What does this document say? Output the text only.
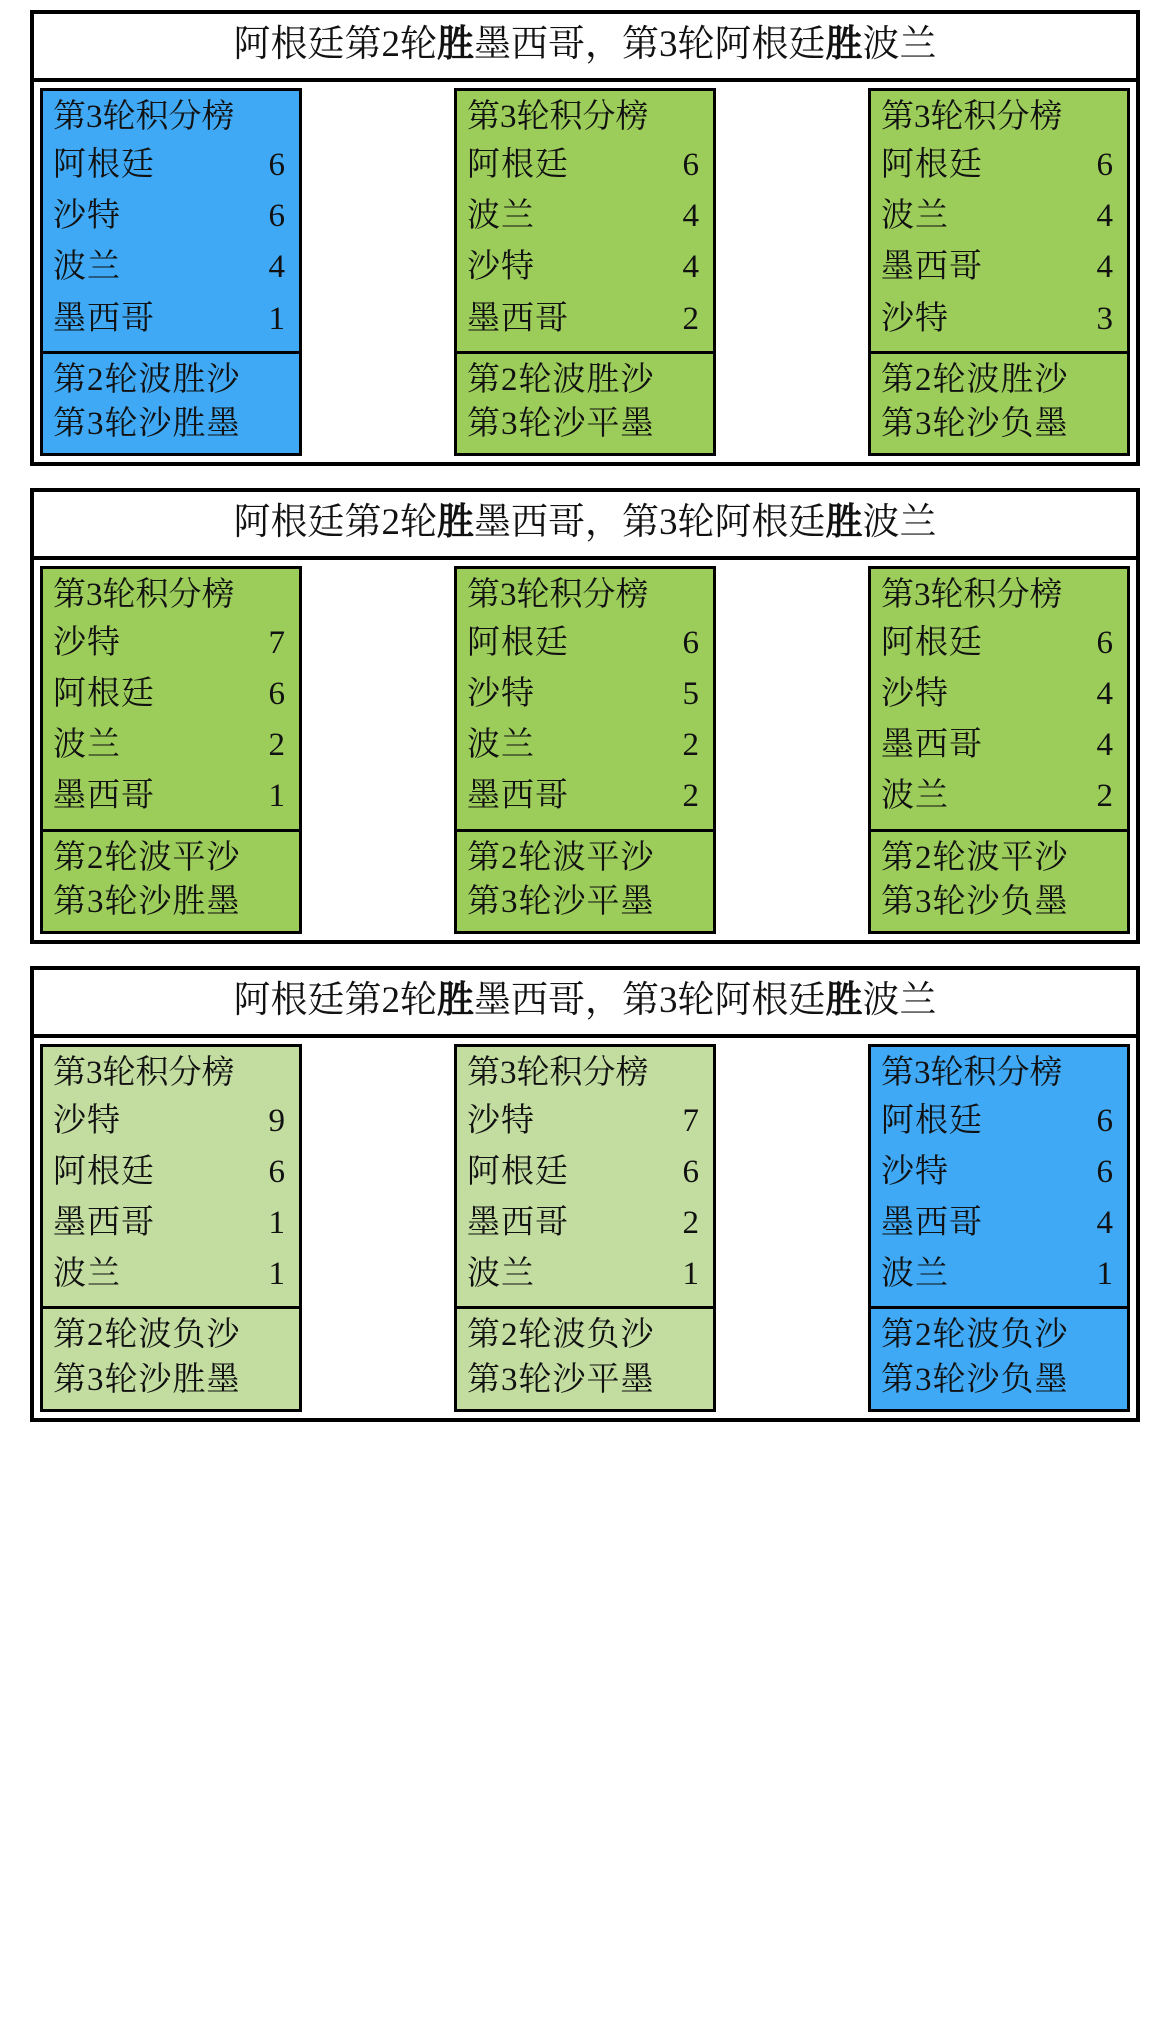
阿根廷第2轮胜墨西哥，第3轮阿根廷胜波兰
第3轮积分榜
阿根廷	6
沙特	6
波兰	4
墨西哥	1
第2轮波胜沙
第3轮沙胜墨
第3轮积分榜
阿根廷	6
波兰	4
沙特	4
墨西哥	2
第2轮波胜沙
第3轮沙平墨
第3轮积分榜
阿根廷	6
波兰	4
墨西哥	4
沙特	3
第2轮波胜沙
第3轮沙负墨
阿根廷第2轮胜墨西哥，第3轮阿根廷胜波兰
第3轮积分榜
沙特	7
阿根廷	6
波兰	2
墨西哥	1
第2轮波平沙
第3轮沙胜墨
第3轮积分榜
阿根廷	6
沙特	5
波兰	2
墨西哥	2
第2轮波平沙
第3轮沙平墨
第3轮积分榜
阿根廷	6
沙特	4
墨西哥	4
波兰	2
第2轮波平沙
第3轮沙负墨
阿根廷第2轮胜墨西哥，第3轮阿根廷胜波兰
第3轮积分榜
沙特	9
阿根廷	6
墨西哥	1
波兰	1
第2轮波负沙
第3轮沙胜墨
第3轮积分榜
沙特	7
阿根廷	6
墨西哥	2
波兰	1
第2轮波负沙
第3轮沙平墨
第3轮积分榜
阿根廷	6
沙特	6
墨西哥	4
波兰	1
第2轮波负沙
第3轮沙负墨
